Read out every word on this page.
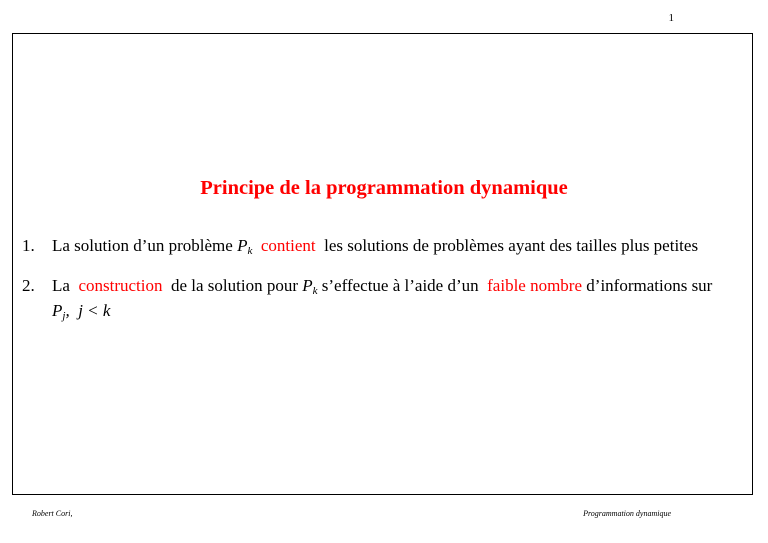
1
Principe de la programmation dynamique
1. La solution d’un problème $P_k$ contient les solutions de problèmes ayant des tailles plus petites
2. La  construction de la solution pour $P_k$ s’effectue à l’aide d’un  faible nombre d’informations sur $P_j$,  j < k
Robert Cori,	Programmation dynamique
